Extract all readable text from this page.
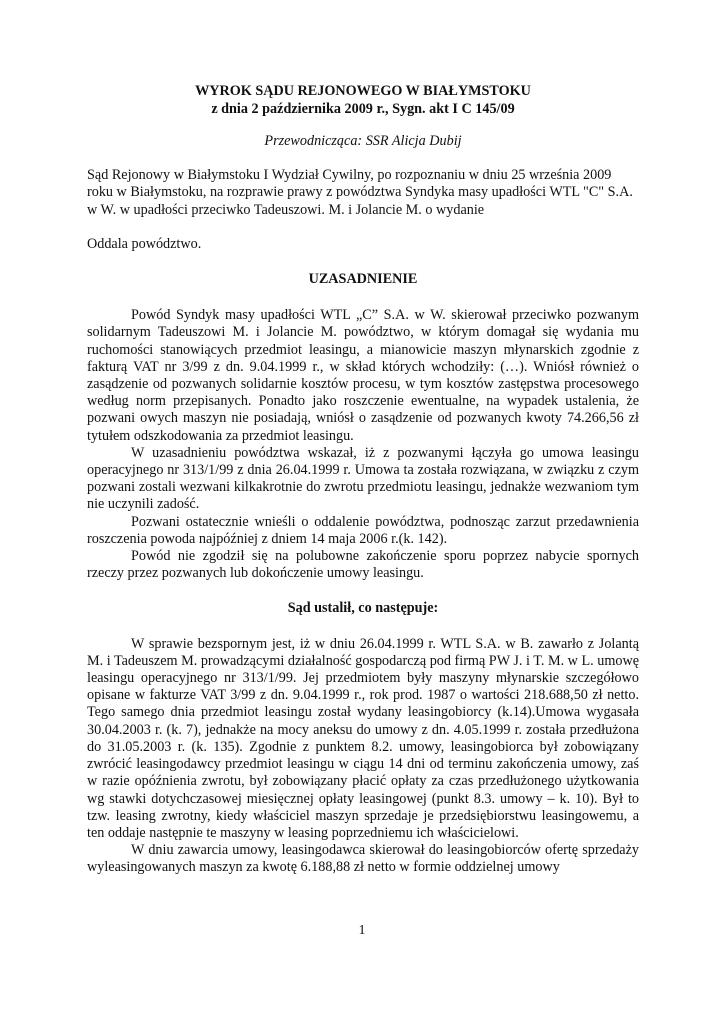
WYROK SĄDU REJONOWEGO W BIAŁYMSTOKU
z dnia 2 października 2009 r., Sygn. akt I C 145/09
Przewodnicząca: SSR Alicja Dubij
Sąd Rejonowy w Białymstoku I Wydział Cywilny, po rozpoznaniu w dniu 25 września 2009 roku w Białymstoku, na rozprawie prawy z powództwa Syndyka masy upadłości WTL "C" S.A. w W. w upadłości przeciwko Tadeuszowi. M. i Jolancie M. o wydanie
Oddala powództwo.
UZASADNIENIE

Powód Syndyk masy upadłości WTL „C” S.A. w W. skierował przeciwko pozwanym solidarnym Tadeuszowi M. i Jolancie M. powództwo, w którym domagał się wydania mu ruchomości stanowiących przedmiot leasingu, a mianowicie maszyn młynarskich zgodnie z fakturą VAT nr 3/99 z dn. 9.04.1999 r., w skład których wchodziły: (…). Wniósł również o zasądzenie od pozwanych solidarnie kosztów procesu, w tym kosztów zastępstwa procesowego według norm przepisanych. Ponadto jako roszczenie ewentualne, na wypadek ustalenia, że pozwani owych maszyn nie posiadają, wniósł o zasądzenie od pozwanych kwoty 74.266,56 zł tytułem odszkodowania za przedmiot leasingu.

W uzasadnieniu powództwa wskazał, iż z pozwanymi łączyła go umowa leasingu operacyjnego nr 313/1/99 z dnia 26.04.1999 r. Umowa ta została rozwiązana, w związku z czym pozwani zostali wezwani kilkakrotnie do zwrotu przedmiotu leasingu, jednakże wezwaniom tym nie uczynili zadość.

Pozwani ostatecznie wnieśli o oddalenie powództwa, podnosząc zarzut przedawnienia roszczenia powoda najpóźniej z dniem 14 maja 2006 r.(k. 142).

Powód nie zgodził się na polubowne zakończenie sporu poprzez nabycie spornych rzeczy przez pozwanych lub dokończenie umowy leasingu.

Sąd ustalił, co następuje:

W sprawie bezspornym jest, iż w dniu 26.04.1999 r. WTL S.A. w B. zawarło z Jolantą M. i Tadeuszem M. prowadzącymi działalność gospodarczą pod firmą PW J. i T. M. w L. umowę leasingu operacyjnego nr 313/1/99. Jej przedmiotem były maszyny młynarskie szczegółowo opisane w fakturze VAT 3/99 z dn. 9.04.1999 r., rok prod. 1987 o wartości 218.688,50 zł netto. Tego samego dnia przedmiot leasingu został wydany leasingobiorcy (k.14).Umowa wygasała 30.04.2003 r. (k. 7), jednakże na mocy aneksu do umowy z dn. 4.05.1999 r. została przedłużona do 31.05.2003 r. (k. 135). Zgodnie z punktem 8.2. umowy, leasingobiorca był zobowiązany zwrócić leasingodawcy przedmiot leasingu w ciągu 14 dni od terminu zakończenia umowy, zaś w razie opóźnienia zwrotu, był zobowiązany płacić opłaty za czas przedłużonego użytkowania wg stawki dotychczasowej miesięcznej opłaty leasingowej (punkt 8.3. umowy – k. 10). Był to tzw. leasing zwrotny, kiedy właściciel maszyn sprzedaje je przedsiębiorstwu leasingowemu, a ten oddaje następnie te maszyny w leasing poprzedniemu ich właścicielowi.

W dniu zawarcia umowy, leasingodawca skierował do leasingobiorców ofertę sprzedaży wyleasingowanych maszyn za kwotę 6.188,88 zł netto w formie oddzielnej umowy

1
